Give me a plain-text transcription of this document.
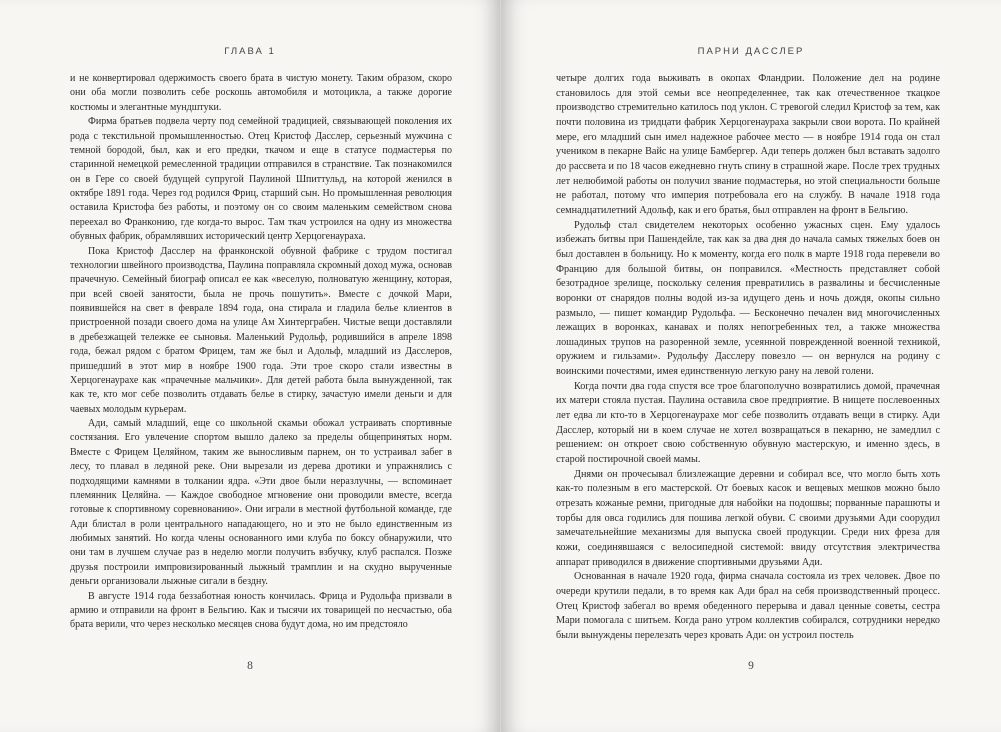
ГЛАВА 1

и не конвертировал одержимость своего брата в чистую монету. Таким образом, скоро они оба могли позволить себе роскошь автомобиля и мотоцикла, а также дорогие костюмы и элегантные мундштуки.

Фирма братьев подвела черту под семейной традицией, связывающей поколения их рода с текстильной промышленностью. Отец Кристоф Дасслер, серьезный мужчина с темной бородой, был, как и его предки, ткачом и еще в статусе подмастерья по старинной немецкой ремесленной традиции отправился в странствие. Так познакомился он в Гере со своей будущей супругой Паулиной Шпиттульд, на которой женился в октябре 1891 года. Через год родился Фриц, старший сын. Но промышленная революция оставила Кристофа без работы, и поэтому он со своим маленьким семейством снова переехал во Франконию, где когда-то вырос. Там ткач устроился на одну из множества обувных фабрик, обрамлявших исторический центр Херцогенаураха.

Пока Кристоф Дасслер на франконской обувной фабрике с трудом постигал технологии швейного производства, Паулина поправляла скромный доход мужа, основав прачечную. Семейный биограф описал ее как «веселую, полноватую женщину, которая, при всей своей занятости, была не прочь пошутить». Вместе с дочкой Мари, появившейся на свет в феврале 1894 года, она стирала и гладила белье клиентов в пристроенной позади своего дома на улице Ам Хинтерграбен. Чистые вещи доставляли в дребезжащей тележке ее сыновья. Маленький Рудольф, родившийся в апреле 1898 года, бежал рядом с братом Фрицем, там же был и Адольф, младший из Дасслеров, пришедший в этот мир в ноябре 1900 года. Эти трое скоро стали известны в Херцогенаурахе как «прачечные мальчики». Для детей работа была вынужденной, так как те, кто мог себе позволить отдавать белье в стирку, зачастую имели деньги и для чаевых молодым курьерам.

Ади, самый младший, еще со школьной скамьи обожал устраивать спортивные состязания. Его увлечение спортом вышло далеко за пределы общепринятых норм. Вместе с Фрицем Целяйном, таким же выносливым парнем, он то устраивал забег в лесу, то плавал в ледяной реке. Они вырезали из дерева дротики и упражнялись с подходящими камнями в толкании ядра. «Эти двое были неразлучны, — вспоминает племянник Целяйна. — Каждое свободное мгновение они проводили вместе, всегда готовые к спортивному соревнованию». Они играли в местной футбольной команде, где Ади блистал в роли центрального нападающего, но и это не было единственным из любимых занятий. Но когда члены основанного ими клуба по боксу обнаружили, что они там в лучшем случае раз в неделю могли получить взбучку, клуб распался. Позже друзья построили импровизированный лыжный трамплин и на скудно вырученные деньги организовали лыжные сигали в бездну.

В августе 1914 года беззаботная юность кончилась. Фрица и Рудольфа призвали в армию и отправили на фронт в Бельгию. Как и тысячи их товарищей по несчастью, оба брата верили, что через несколько месяцев снова будут дома, но им предстояло

8
ПАРНИ ДАССЛЕР

четыре долгих года выживать в окопах Фландрии. Положение дел на родине становилось для этой семьи все неопределеннее, так как отечественное ткацкое производство стремительно катилось под уклон. С тревогой следил Кристоф за тем, как почти половина из тридцати фабрик Херцогенаураха закрыли свои ворота. По крайней мере, его младший сын имел надежное рабочее место — в ноябре 1914 года он стал учеником в пекарне Вайс на улице Бамбергер. Ади теперь должен был вставать задолго до рассвета и по 18 часов ежедневно гнуть спину в страшной жаре. После трех трудных лет нелюбимой работы он получил звание подмастерья, но этой специальности больше не работал, потому что империя потребовала его на службу. В начале 1918 года семнадцатилетний Адольф, как и его братья, был отправлен на фронт в Бельгию.

Рудольф стал свидетелем некоторых особенно ужасных сцен. Ему удалось избежать битвы при Пашендейле, так как за два дня до начала самых тяжелых боев он был доставлен в больницу. Но к моменту, когда его полк в марте 1918 года перевели во Францию для большой битвы, он поправился. «Местность представляет собой безотрадное зрелище, поскольку селения превратились в развалины и бесчисленные воронки от снарядов полны водой из-за идущего день и ночь дождя, окопы сильно размыло, — пишет командир Рудольфа. — Бесконечно печален вид многочисленных лежащих в воронках, канавах и полях непогребенных тел, а также множества лошадиных трупов на разоренной земле, усеянной поврежденной военной техникой, оружием и гильзами». Рудольфу Дасслеру повезло — он вернулся на родину с воинскими почестями, имея единственную легкую рану на левой голени.

Когда почти два года спустя все трое благополучно возвратились домой, прачечная их матери стояла пустая. Паулина оставила свое предприятие. В нищете послевоенных лет едва ли кто-то в Херцогенаурахе мог себе позволить отдавать вещи в стирку. Ади Дасслер, который ни в коем случае не хотел возвращаться в пекарню, не замедлил с решением: он откроет свою собственную обувную мастерскую, и именно здесь, в старой постирочной своей мамы.

Днями он прочесывал близлежащие деревни и собирал все, что могло быть хоть как-то полезным в его мастерской. От боевых касок и вещевых мешков можно было отрезать кожаные ремни, пригодные для набойки на подошвы; порванные парашюты и торбы для овса годились для пошива легкой обуви. С своими друзьями Ади соорудил замечательнейшие механизмы для выпуска своей продукции. Среди них фреза для кожи, соединявшаяся с велосипедной системой: ввиду отсутствия электричества аппарат приводился в движение спортивными друзьями Ади.

Основанная в начале 1920 года, фирма сначала состояла из трех человек. Двое по очереди крутили педали, в то время как Ади брал на себя производственный процесс. Отец Кристоф забегал во время обеденного перерыва и давал ценные советы, сестра Мари помогала с шитьем. Когда рано утром коллектив собирался, сотрудники нередко были вынуждены перелезать через кровать Ади: он устроил постель

9
